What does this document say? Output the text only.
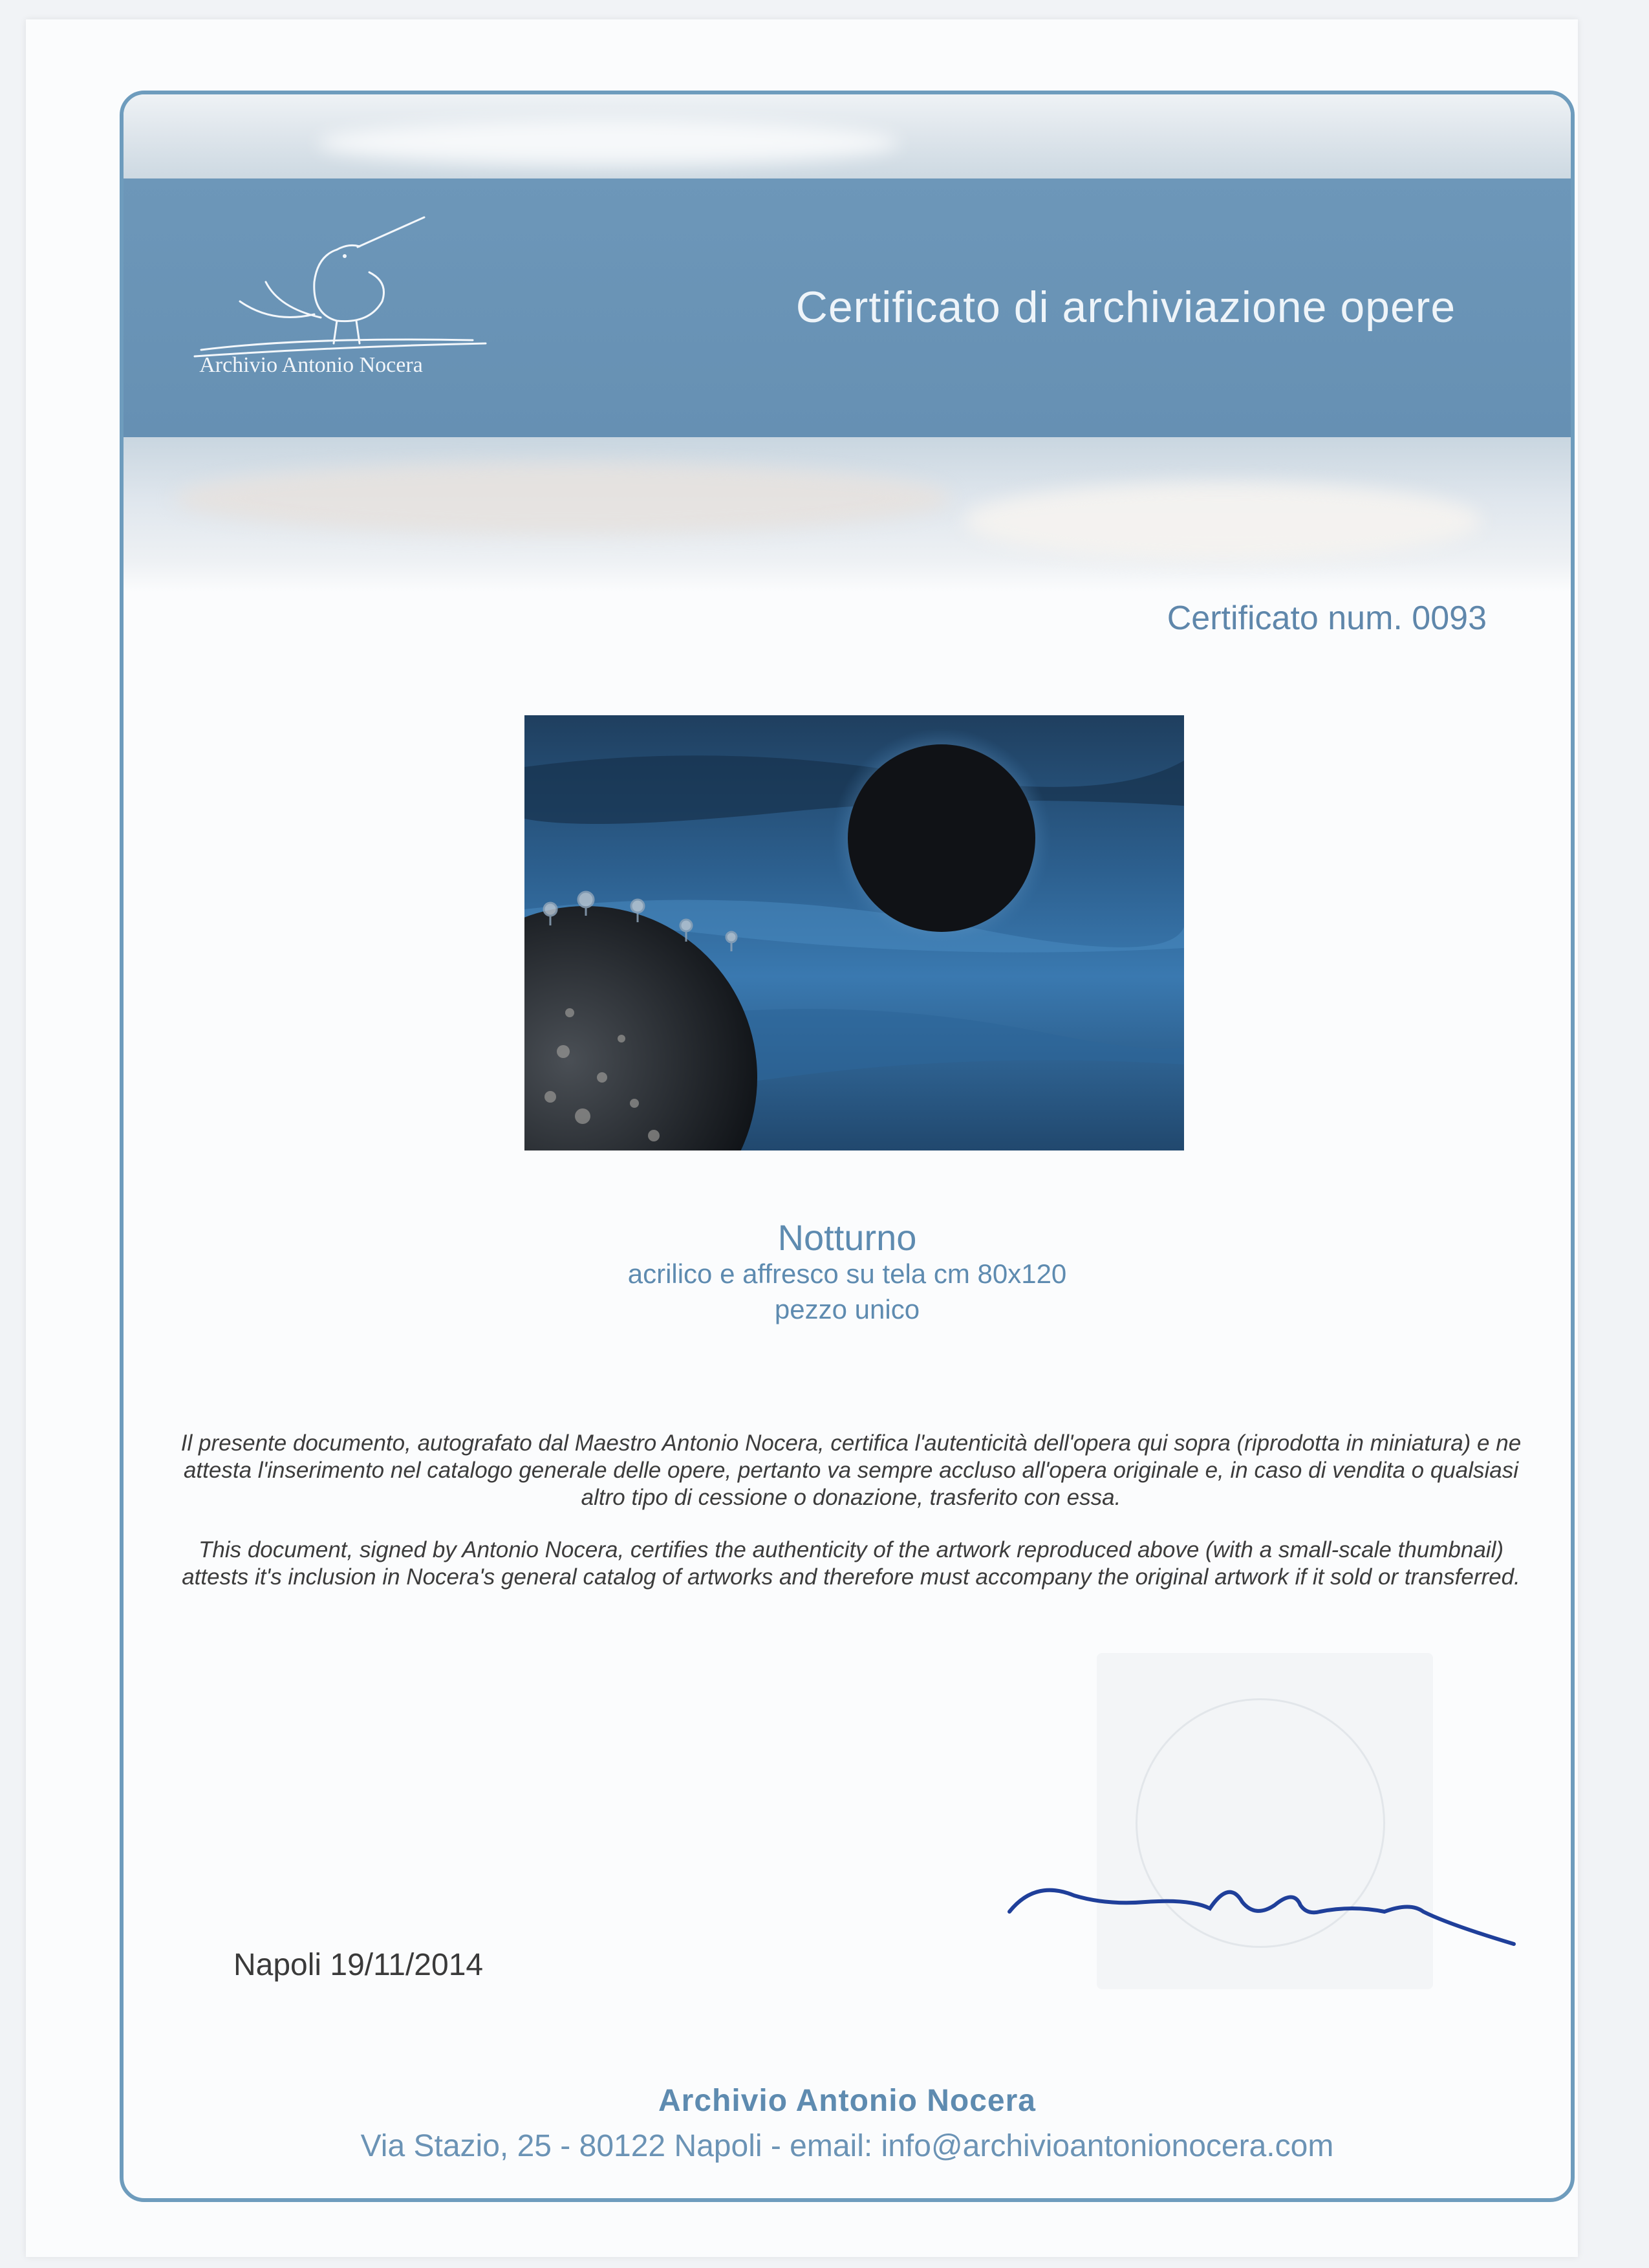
Archivio Antonio Nocera
Certificato di archiviazione opere
Certificato num. 0093
Notturno
acrilico e affresco su tela cm 80x120
pezzo unico
Il presente documento, autografato dal Maestro Antonio Nocera, certifica l'autenticità dell'opera qui sopra (riprodotta in miniatura) e ne attesta l'inserimento nel catalogo generale delle opere, pertanto va sempre accluso all'opera originale e, in caso di vendita o qualsiasi altro tipo di cessione o donazione, trasferito con essa.
This document, signed by Antonio Nocera, certifies the authenticity of the artwork reproduced above (with a small-scale thumbnail) attests it's inclusion in Nocera's general catalog of artworks and therefore must accompany the original artwork if it sold or transferred.
Napoli 19/11/2014
Archivio Antonio Nocera
Via Stazio, 25 - 80122 Napoli - email: info@archivioantonionocera.com
